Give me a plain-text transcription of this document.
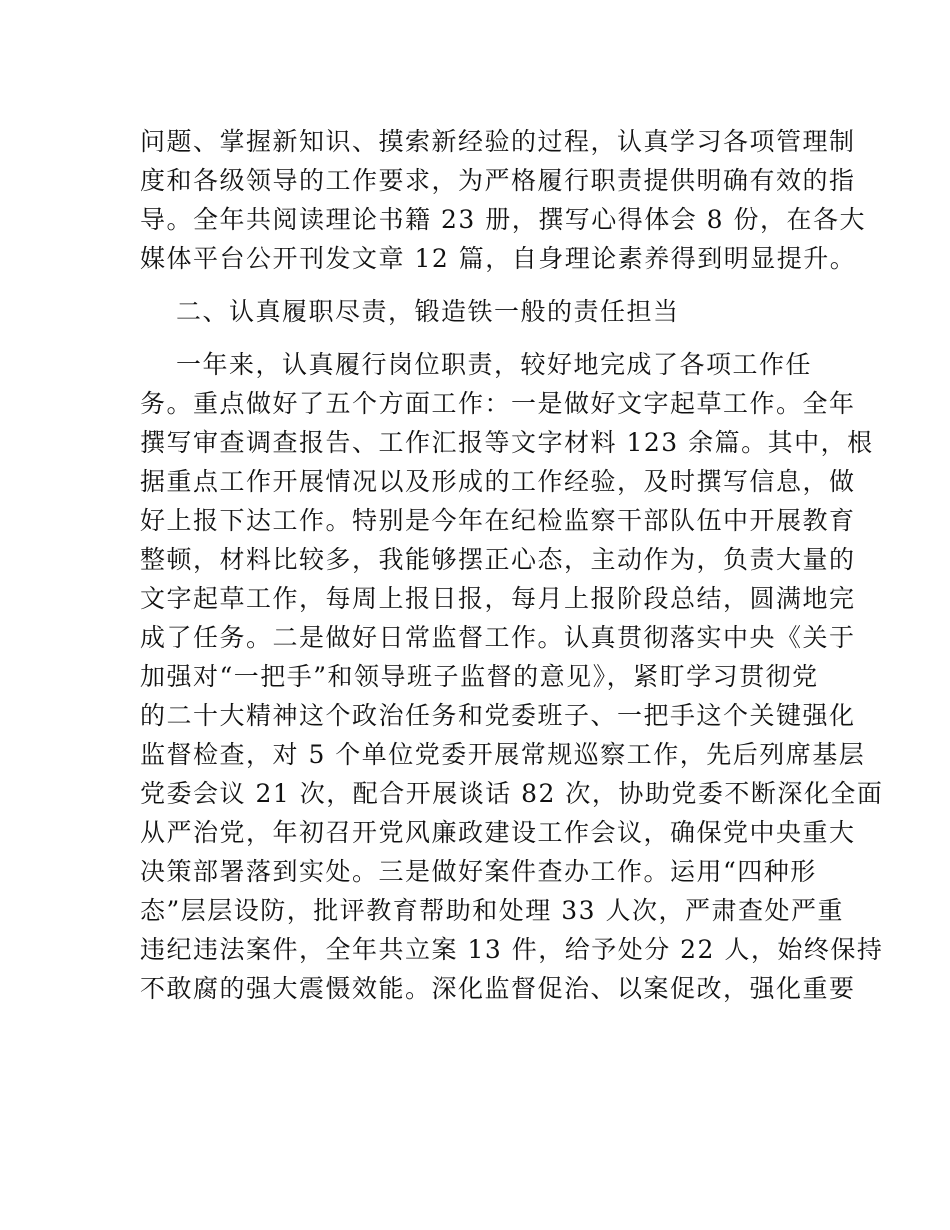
问题、掌握新知识、摸索新经验的过程，认真学习各项管理制
度和各级领导的工作要求，为严格履行职责提供明确有效的指
导。全年共阅读理论书籍 23 册，撰写心得体会 8 份，在各大
媒体平台公开刊发文章 12 篇，自身理论素养得到明显提升。
二、认真履职尽责，锻造铁一般的责任担当
一年来，认真履行岗位职责，较好地完成了各项工作任
务。重点做好了五个方面工作：一是做好文字起草工作。全年
撰写审查调查报告、工作汇报等文字材料 123 余篇。其中，根
据重点工作开展情况以及形成的工作经验，及时撰写信息，做
好上报下达工作。特别是今年在纪检监察干部队伍中开展教育
整顿，材料比较多，我能够摆正心态，主动作为，负责大量的
文字起草工作，每周上报日报，每月上报阶段总结，圆满地完
成了任务。二是做好日常监督工作。认真贯彻落实中央《关于
加强对“一把手”和领导班子监督的意见》，紧盯学习贯彻党
的二十大精神这个政治任务和党委班子、一把手这个关键强化
监督检查，对 5 个单位党委开展常规巡察工作，先后列席基层
党委会议 21 次，配合开展谈话 82 次，协助党委不断深化全面
从严治党，年初召开党风廉政建设工作会议，确保党中央重大
决策部署落到实处。三是做好案件查办工作。运用“四种形
态”层层设防，批评教育帮助和处理 33 人次，严肃查处严重
违纪违法案件，全年共立案 13 件，给予处分 22 人，始终保持
不敢腐的强大震慑效能。深化监督促治、以案促改，强化重要
